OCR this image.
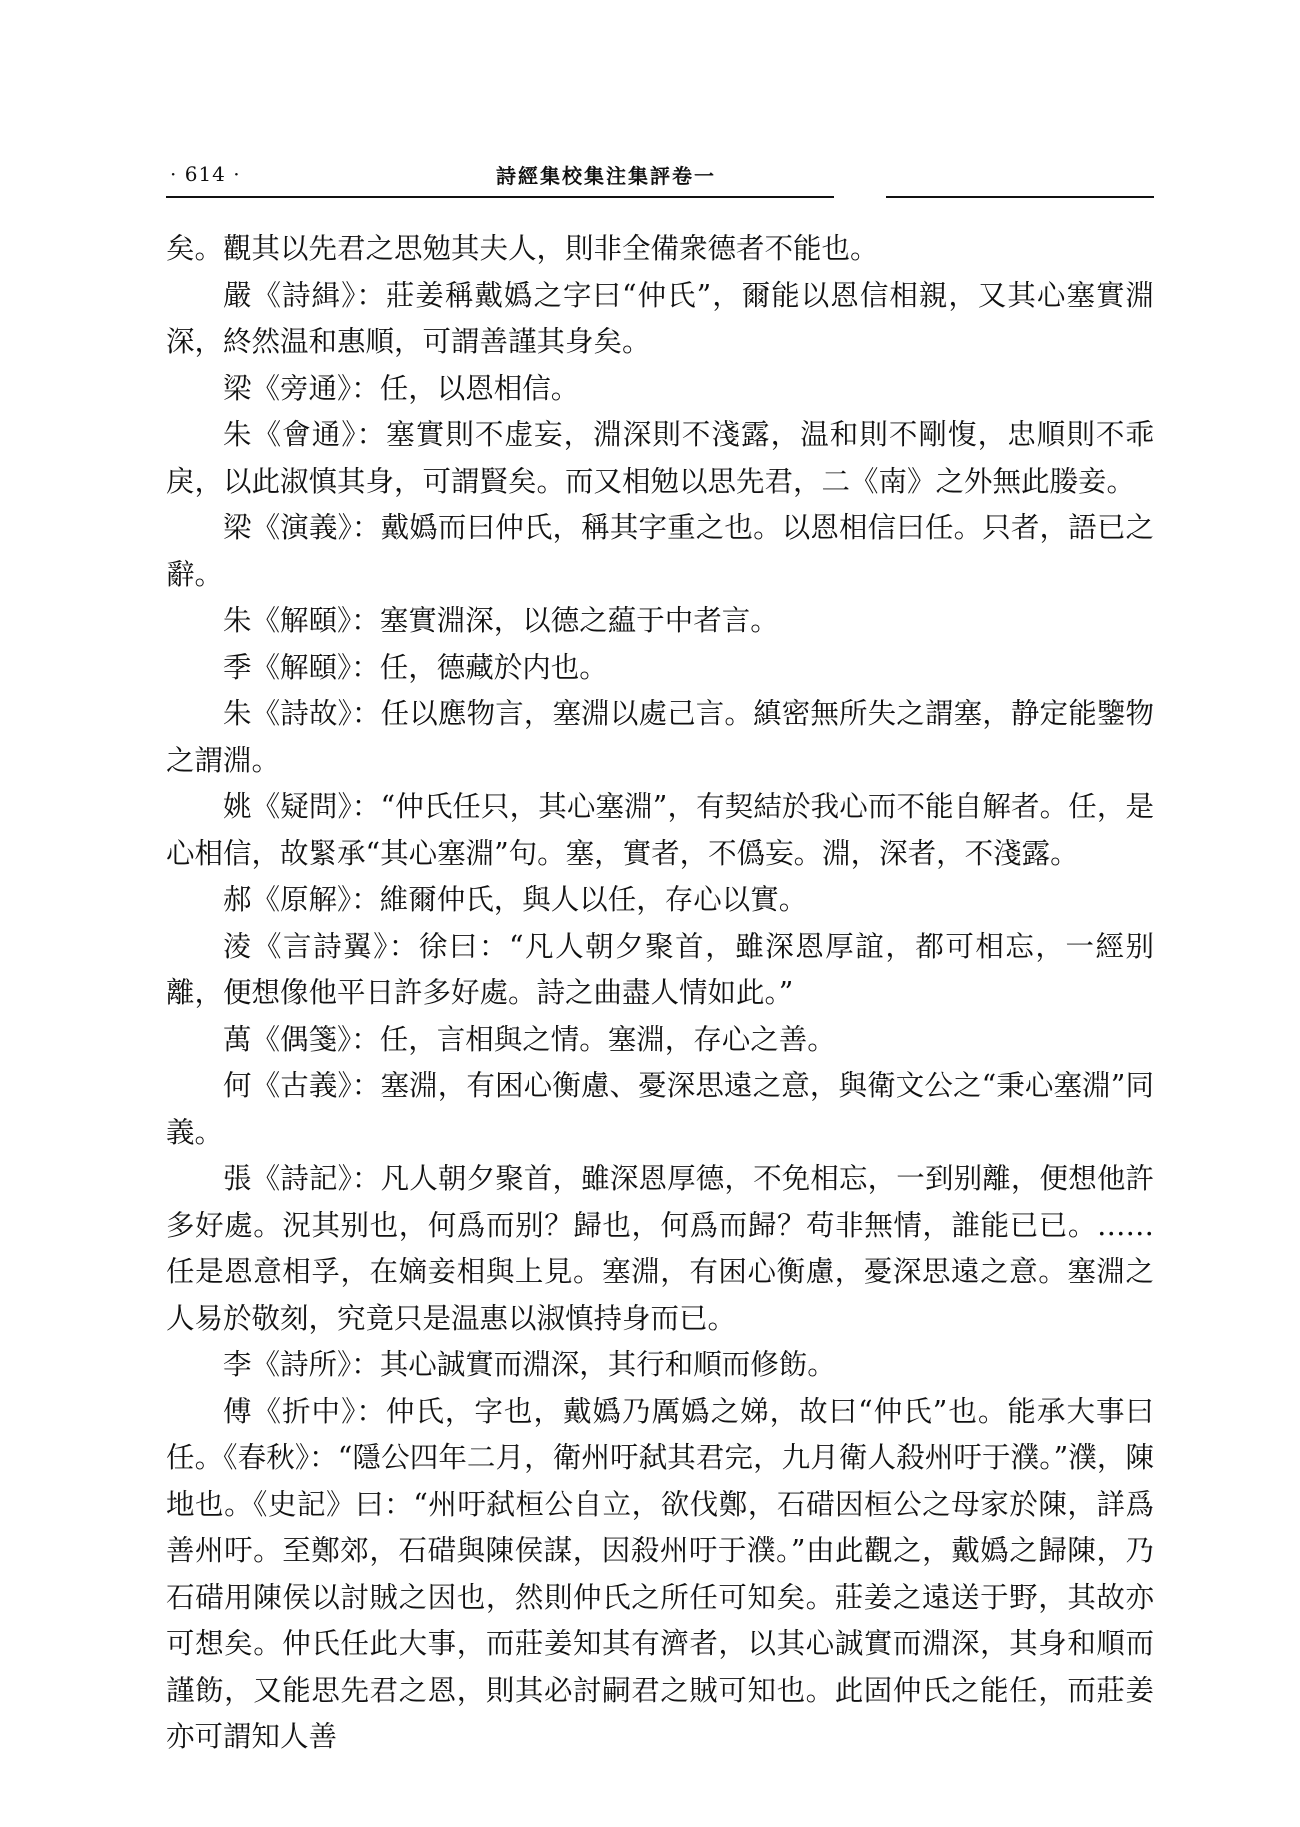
· 614 ·	詩經集校集注集評卷一

矣。觀其以先君之思勉其夫人，則非全備衆德者不能也。

嚴《詩緝》：莊姜稱戴嬀之字曰“仲氏”，爾能以恩信相親，又其心塞實淵深，終然温和惠順，可謂善謹其身矣。

梁《旁通》：任，以恩相信。

朱《會通》：塞實則不虚妄，淵深則不淺露，温和則不剛愎，忠順則不乖戾，以此淑慎其身，可謂賢矣。而又相勉以思先君，二《南》之外無此媵妾。

梁《演義》：戴嬀而曰仲氏，稱其字重之也。以恩相信曰任。只者，語已之辭。

朱《解頤》：塞實淵深，以德之藴于中者言。

季《解頤》：任，德藏於内也。

朱《詩故》：任以應物言，塞淵以處己言。縝密無所失之謂塞，静定能鑒物之謂淵。

姚《疑問》：“仲氏任只，其心塞淵”，有契結於我心而不能自解者。任，是心相信，故緊承“其心塞淵”句。塞，實者，不僞妄。淵，深者，不淺露。

郝《原解》：維爾仲氏，與人以任，存心以實。

淩《言詩翼》：徐曰：“凡人朝夕聚首，雖深恩厚誼，都可相忘，一經别離，便想像他平日許多好處。詩之曲盡人情如此。”

萬《偶箋》：任，言相與之情。塞淵，存心之善。

何《古義》：塞淵，有困心衡慮、憂深思遠之意，與衛文公之“秉心塞淵”同義。

張《詩記》：凡人朝夕聚首，雖深恩厚德，不免相忘，一到别離，便想他許多好處。況其别也，何爲而别？歸也，何爲而歸？苟非無情，誰能已已。……任是恩意相孚，在嫡妾相與上見。塞淵，有困心衡慮，憂深思遠之意。塞淵之人易於敬刻，究竟只是温惠以淑慎持身而已。

李《詩所》：其心誠實而淵深，其行和順而修飭。

傅《折中》：仲氏，字也，戴嬀乃厲嬀之娣，故曰“仲氏”也。能承大事曰任。《春秋》：“隱公四年二月，衛州吁弑其君完，九月衛人殺州吁于濮。”濮，陳地也。《史記》曰：“州吁弑桓公自立，欲伐鄭，石碏因桓公之母家於陳，詳爲善州吁。至鄭郊，石碏與陳侯謀，因殺州吁于濮。”由此觀之，戴嬀之歸陳，乃石碏用陳侯以討賊之因也，然則仲氏之所任可知矣。莊姜之遠送于野，其故亦可想矣。仲氏任此大事，而莊姜知其有濟者，以其心誠實而淵深，其身和順而謹飭，又能思先君之恩，則其必討嗣君之賊可知也。此固仲氏之能任，而莊姜亦可謂知人善
